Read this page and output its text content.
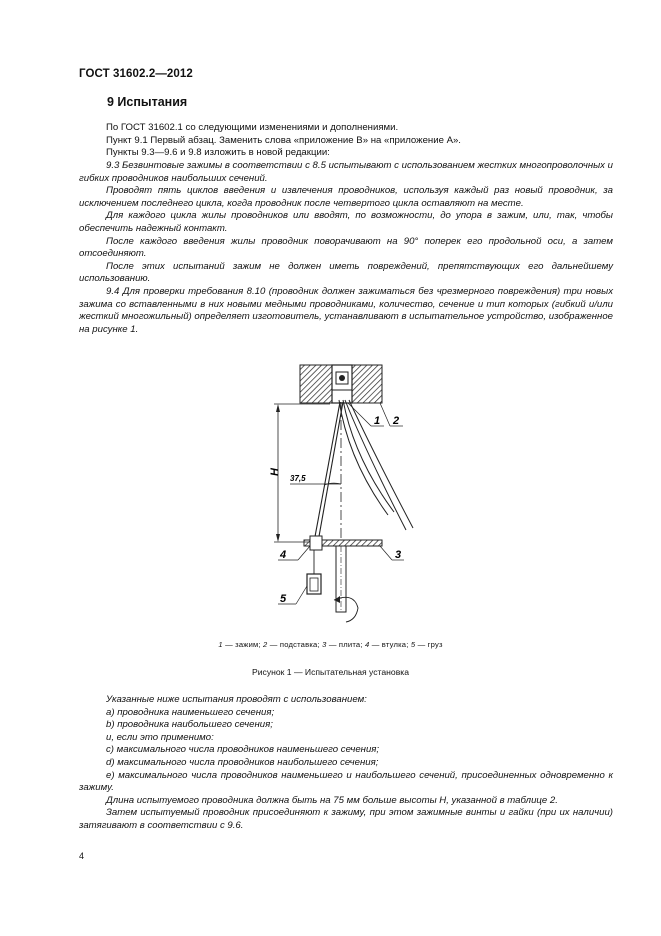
ГОСТ 31602.2—2012
9 Испытания

По ГОСТ 31602.1 со следующими изменениями и дополнениями.

Пункт 9.1 Первый абзац. Заменить слова «приложение В» на «приложение А».

Пункты 9.3—9.6 и 9.8 изложить в новой редакции:

9.3 Безвинтовые зажимы в соответствии с 8.5 испытывают с использованием жестких многопроволочных и гибких проводников наибольших сечений.

Проводят пять циклов введения и извлечения проводников, используя каждый раз новый проводник, за исключением последнего цикла, когда проводник после четвертого цикла оставляют на месте.

Для каждого цикла жилы проводников или вводят, по возможности, до упора в зажим, или, так, чтобы обеспечить надежный контакт.

После каждого введения жилы проводник поворачивают на 90° поперек его продольной оси, а затем отсоединяют.

После этих испытаний зажим не должен иметь повреждений, препятствующих его дальнейшему использованию.

9.4 Для проверки требования 8.10 (проводник должен зажиматься без чрезмерного повреждения) три новых зажима со вставленными в них новыми медными проводниками, количество, сечение и тип которых (гибкий и/или жесткий многожильный) определяет изготовитель, устанавливают в испытательное устройство, изображенное на рисунке 1.

37,5
H
1 2
3
4
5
1 — зажим; 2 — подставка; 3 — плита; 4 — втулка; 5 — груз
Рисунок 1 — Испытательная установка

Указанные ниже испытания проводят с использованием:

a) проводника наименьшего сечения;

b) проводника наибольшего сечения;

и, если это применимо:

c) максимального числа проводников наименьшего сечения;

d) максимального числа проводников наибольшего сечения;

e) максимального числа проводников наименьшего и наибольшего сечений, присоединенных одновременно к зажиму.

Длина испытуемого проводника должна быть на 75 мм больше высоты H, указанной в таблице 2.

Затем испытуемый проводник присоединяют к зажиму, при этом зажимные винты и гайки (при их наличии) затягивают в соответствии с 9.6.

4
